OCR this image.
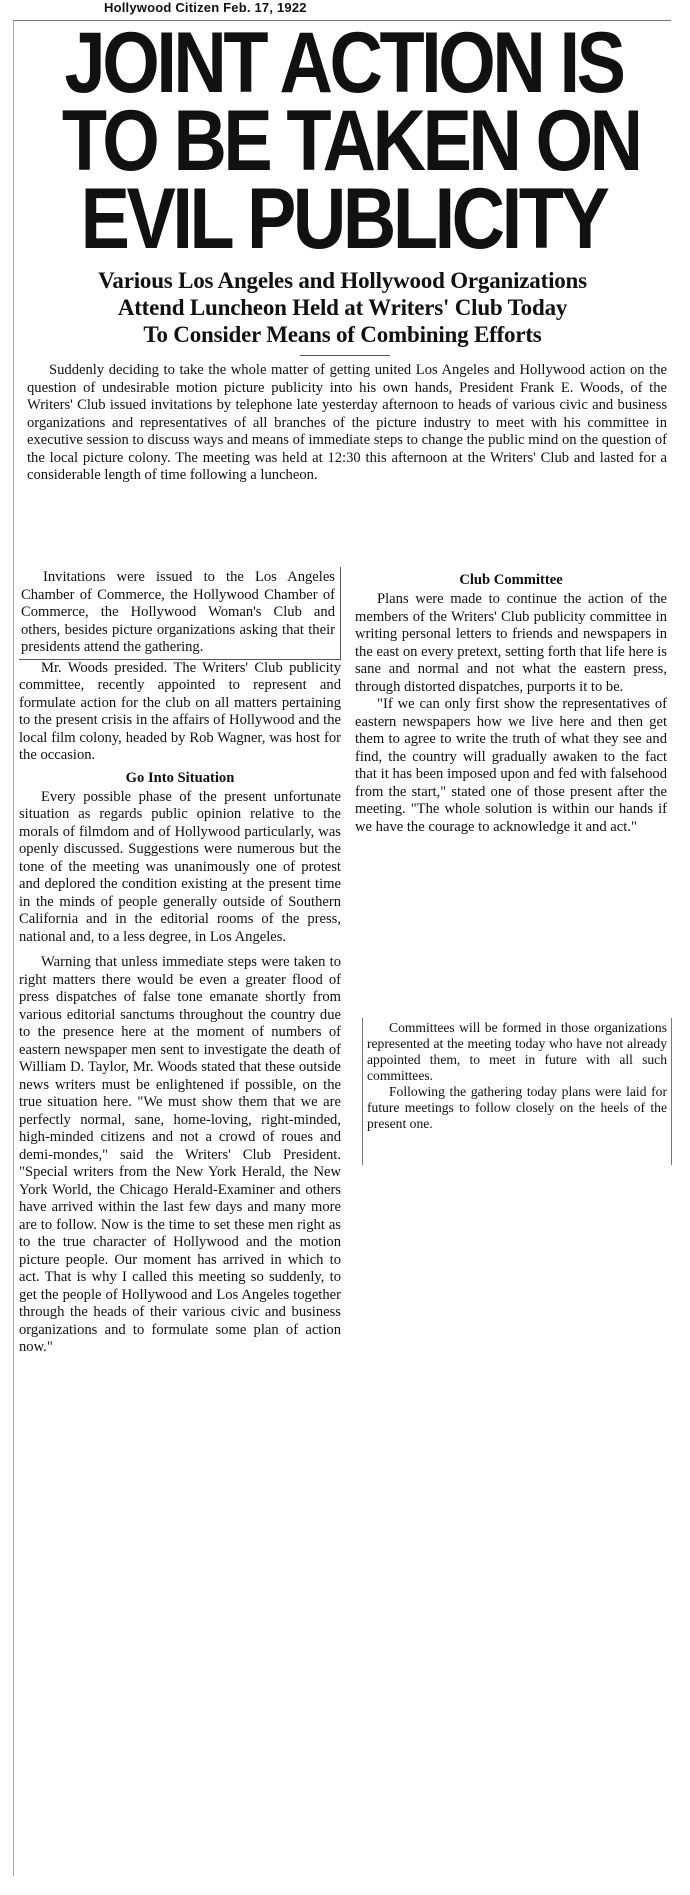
Hollywood Citizen Feb. 17, 1922
JOINT ACTION IS
TO BE TAKEN ON
EVIL PUBLICITY
Various Los Angeles and Hollywood Organizations
Attend Luncheon Held at Writers' Club Today
To Consider Means of Combining Efforts

Suddenly deciding to take the whole matter of getting united Los Angeles and Hollywood action on the question of undesirable motion picture publicity into his own hands, President Frank E. Woods, of the Writers' Club issued invitations by telephone late yesterday afternoon to heads of various civic and business organizations and representatives of all branches of the picture industry to meet with his committee in executive session to discuss ways and means of immediate steps to change the public mind on the question of the local picture colony. The meeting was held at 12:30 this afternoon at the Writers' Club and lasted for a considerable length of time following a luncheon.

Invitations were issued to the Los Angeles Chamber of Commerce, the Hollywood Chamber of Commerce, the Hollywood Woman's Club and others, besides picture organizations asking that their presidents attend the gathering.

Mr. Woods presided. The Writers' Club publicity committee, recently appointed to represent and formulate action for the club on all matters pertaining to the present crisis in the affairs of Hollywood and the local film colony, headed by Rob Wagner, was host for the occasion.

Go Into Situation

Every possible phase of the present unfortunate situation as regards public opinion relative to the morals of filmdom and of Hollywood particularly, was openly discussed. Suggestions were numerous but the tone of the meeting was unanimously one of protest and deplored the condition existing at the present time in the minds of people generally outside of Southern California and in the editorial rooms of the press, national and, to a less degree, in Los Angeles.

Warning that unless immediate steps were taken to right matters there would be even a greater flood of press dispatches of false tone emanate shortly from various editorial sanctums throughout the country due to the presence here at the moment of numbers of eastern newspaper men sent to investigate the death of William D. Taylor, Mr. Woods stated that these outside news writers must be enlightened if possible, on the true situation here. "We must show them that we are perfectly normal, sane, home-loving, right-minded, high-minded citizens and not a crowd of roues and demi-mondes," said the Writers' Club President. "Special writers from the New York Herald, the New York World, the Chicago Herald-Examiner and others have arrived within the last few days and many more are to follow. Now is the time to set these men right as to the true character of Hollywood and the motion picture people. Our moment has arrived in which to act. That is why I called this meeting so suddenly, to get the people of Hollywood and Los Angeles together through the heads of their various civic and business organizations and to formulate some plan of action now."

Club Committee

Plans were made to continue the action of the members of the Writers' Club publicity committee in writing personal letters to friends and newspapers in the east on every pretext, setting forth that life here is sane and normal and not what the eastern press, through distorted dispatches, purports it to be.

"If we can only first show the representatives of eastern newspapers how we live here and then get them to agree to write the truth of what they see and find, the country will gradually awaken to the fact that it has been imposed upon and fed with falsehood from the start," stated one of those present after the meeting. "The whole solution is within our hands if we have the courage to acknowledge it and act."

Committees will be formed in those organizations represented at the meeting today who have not already appointed them, to meet in future with all such committees.

Following the gathering today plans were laid for future meetings to follow closely on the heels of the present one.
